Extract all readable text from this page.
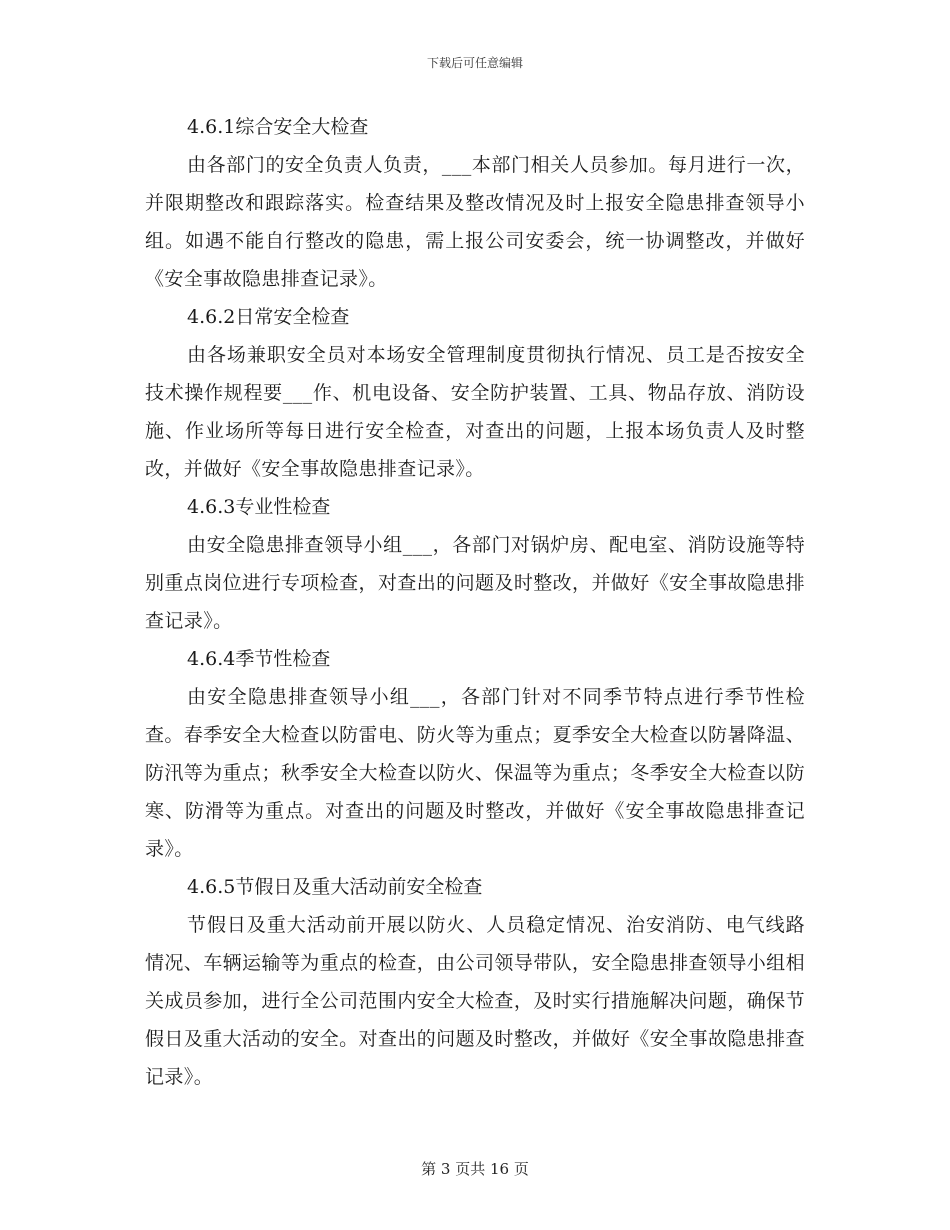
下载后可任意编辑
4.6.1综合安全大检查

由各部门的安全负责人负责，___本部门相关人员参加。每月进行一次，并限期整改和跟踪落实。检查结果及整改情况及时上报安全隐患排查领导小组。如遇不能自行整改的隐患，需上报公司安委会，统一协调整改，并做好《安全事故隐患排查记录》。

4.6.2日常安全检查

由各场兼职安全员对本场安全管理制度贯彻执行情况、员工是否按安全技术操作规程要___作、机电设备、安全防护装置、工具、物品存放、消防设施、作业场所等每日进行安全检查，对查出的问题，上报本场负责人及时整改，并做好《安全事故隐患排查记录》。

4.6.3专业性检查

由安全隐患排查领导小组___，各部门对锅炉房、配电室、消防设施等特别重点岗位进行专项检查，对查出的问题及时整改，并做好《安全事故隐患排查记录》。

4.6.4季节性检查

由安全隐患排查领导小组___，各部门针对不同季节特点进行季节性检查。春季安全大检查以防雷电、防火等为重点；夏季安全大检查以防暑降温、防汛等为重点；秋季安全大检查以防火、保温等为重点；冬季安全大检查以防寒、防滑等为重点。对查出的问题及时整改，并做好《安全事故隐患排查记录》。

4.6.5节假日及重大活动前安全检查

节假日及重大活动前开展以防火、人员稳定情况、治安消防、电气线路情况、车辆运输等为重点的检查，由公司领导带队，安全隐患排查领导小组相关成员参加，进行全公司范围内安全大检查，及时实行措施解决问题，确保节假日及重大活动的安全。对查出的问题及时整改，并做好《安全事故隐患排查记录》。

第 3 页共 16 页
